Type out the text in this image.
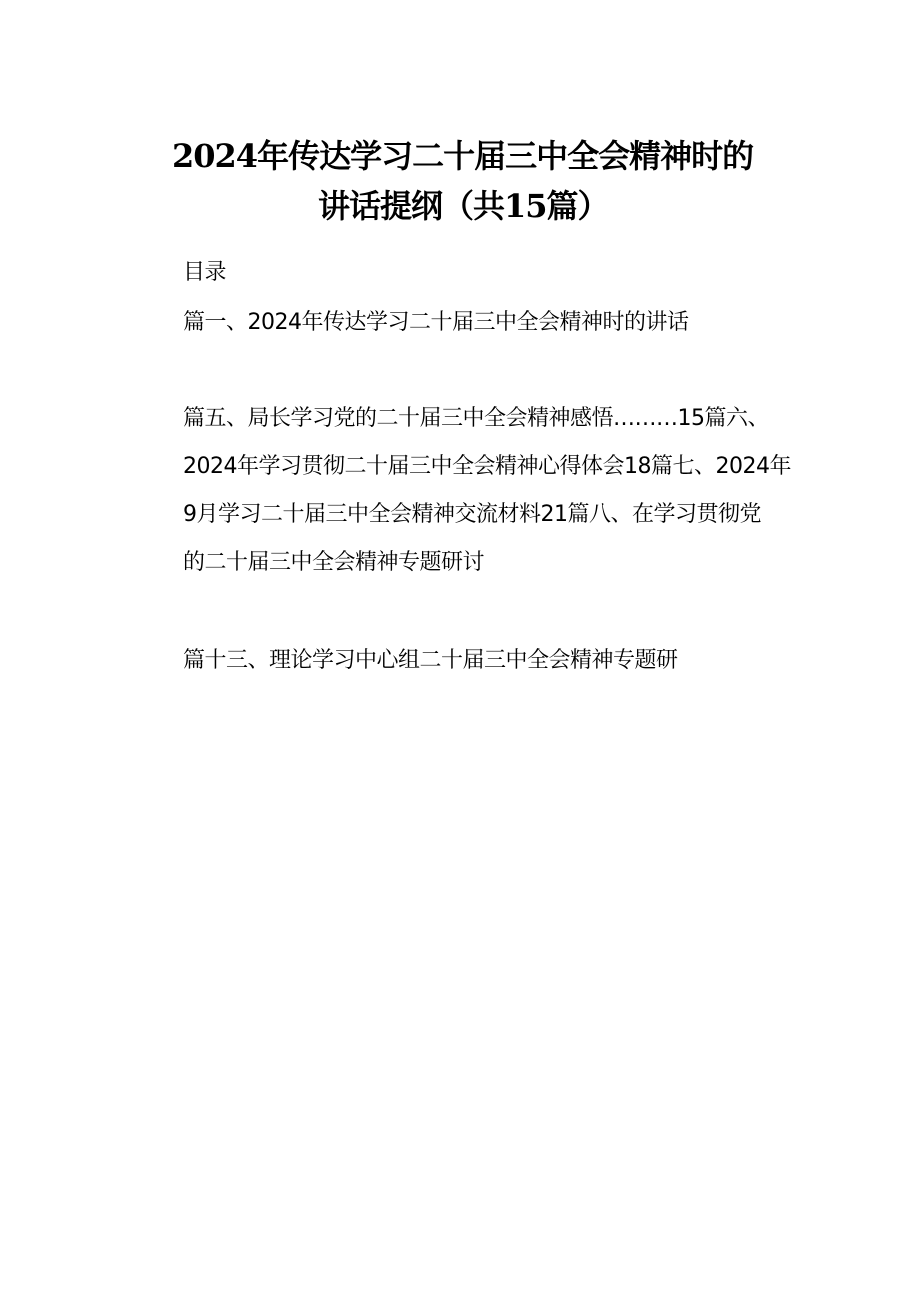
2024年传达学习二十届三中全会精神时的
讲话提纲（共15篇）
目录
篇一、2024年传达学习二十届三中全会精神时的讲话
篇五、局长学习党的二十届三中全会精神感悟………15篇六、
2024年学习贯彻二十届三中全会精神心得体会18篇七、2024年
9月学习二十届三中全会精神交流材料21篇八、在学习贯彻党
的二十届三中全会精神专题研讨
篇十三、理论学习中心组二十届三中全会精神专题研
